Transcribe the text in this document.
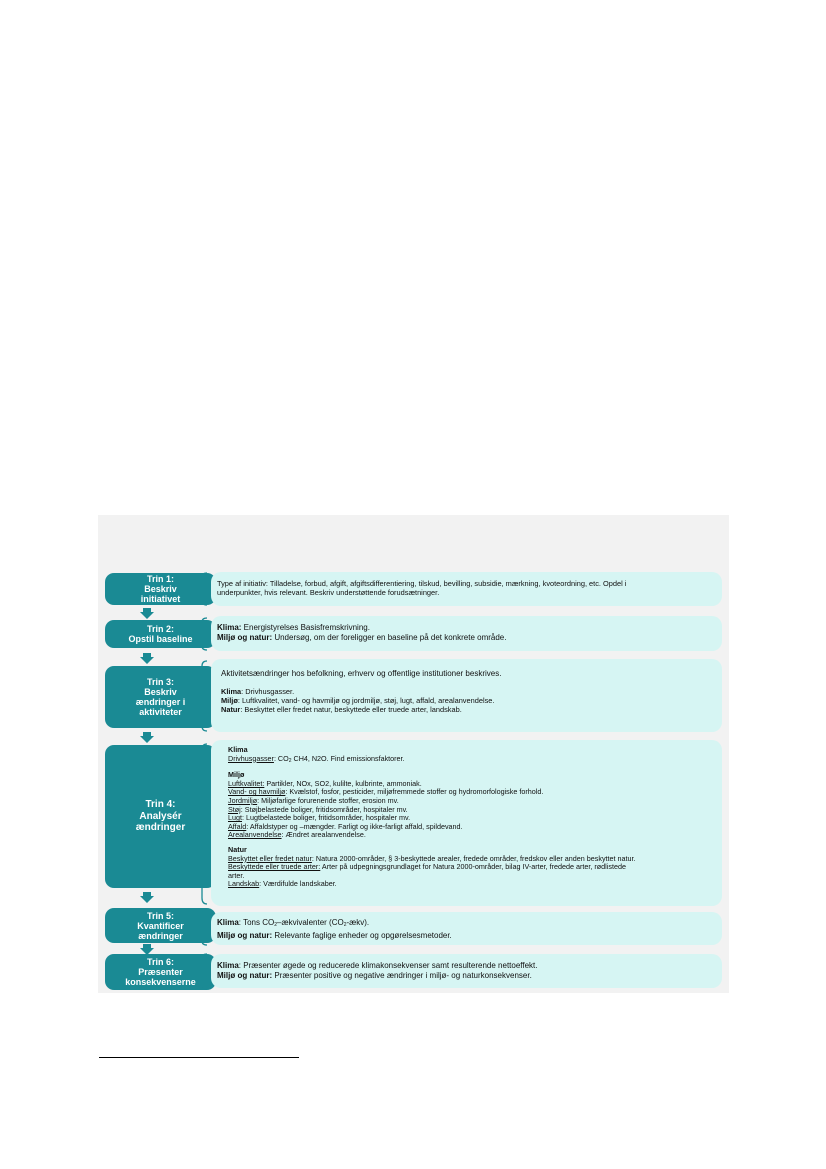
Trin 1:
Beskriv
initiativet
Trin 2:
Opstil baseline
Trin 3:
Beskriv
ændringer i
aktiviteter
Trin 4:
Analysér
ændringer
Trin 5:
Kvantificer
ændringer
Trin 6:
Præsenter
konsekvenserne
Type af initiativ: Tilladelse, forbud, afgift, afgiftsdifferentiering, tilskud, bevilling, subsidie, mærkning, kvoteordning, etc. Opdel i
underpunkter, hvis relevant. Beskriv understøttende forudsætninger.
Klima: Energistyrelses Basisfremskrivning.
Miljø og natur: Undersøg, om der foreligger en baseline på det konkrete område.
Aktivitetsændringer hos befolkning, erhverv og offentlige institutioner beskrives.
Klima: Drivhusgasser.
Miljø: Luftkvalitet, vand- og havmiljø og jordmiljø, støj, lugt, affald, arealanvendelse.
Natur: Beskyttet eller fredet natur, beskyttede eller truede arter, landskab.
Klima
Drivhusgasser: $CO_2$ CH4, N2O. Find emissionsfaktorer.
Miljø
Luftkvalitet: Partikler, NOx, SO2, kulilte, kulbrinte, ammoniak.
Vand- og havmiljø: Kvælstof, fosfor, pesticider, miljøfremmede stoffer og hydromorfologiske forhold.
Jordmiljø: Miljøfarlige forurenende stoffer, erosion mv.
Støj: Støjbelastede boliger, fritidsområder, hospitaler mv.
Lugt: Lugtbelastede boliger, fritidsområder, hospitaler mv.
Affald: Affaldstyper og –mængder. Farligt og ikke-farligt affald, spildevand.
Arealanvendelse: Ændret arealanvendelse.
Natur
Beskyttet eller fredet natur: Natura 2000-områder, § 3-beskyttede arealer, fredede områder, fredskov eller anden beskyttet natur.
Beskyttede eller truede arter: Arter på udpegningsgrundlaget for Natura 2000-områder, bilag IV-arter, fredede arter, rødlistede
arter.
Landskab: Værdifulde landskaber.
Klima: Tons $CO_2$–ækvivalenter $(CO_2-ækv)$.
Miljø og natur: Relevante faglige enheder og opgørelsesmetoder.
Klima: Præsenter øgede og reducerede klimakonsekvenser samt resulterende nettoeffekt.
Miljø og natur: Præsenter positive og negative ændringer i miljø- og naturkonsekvenser.
